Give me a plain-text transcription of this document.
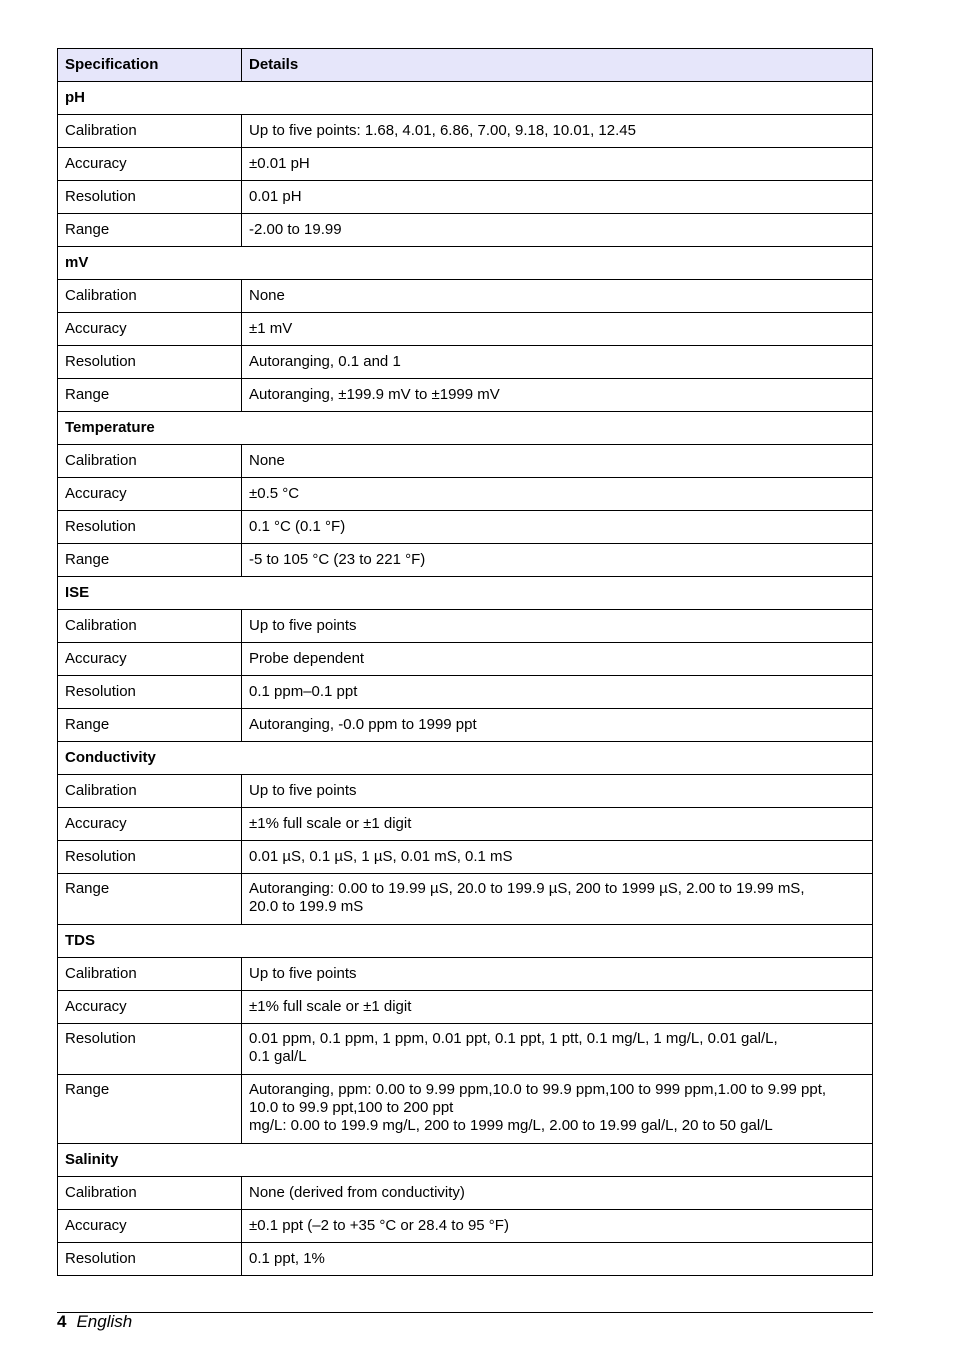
Specification	Details
pH	
Calibration	Up to five points: 1.68, 4.01, 6.86, 7.00, 9.18, 10.01, 12.45
Accuracy	±0.01 pH
Resolution	0.01 pH
Range	-2.00 to 19.99
mV	
Calibration	None
Accuracy	±1 mV
Resolution	Autoranging, 0.1 and 1
Range	Autoranging, ±199.9 mV to ±1999 mV
Temperature	
Calibration	None
Accuracy	±0.5 °C
Resolution	0.1 °C (0.1 °F)
Range	-5 to 105 °C (23 to 221 °F)
ISE	
Calibration	Up to five points
Accuracy	Probe dependent
Resolution	0.1 ppm–0.1 ppt
Range	Autoranging, -0.0 ppm to 1999 ppt
Conductivity	
Calibration	Up to five points
Accuracy	±1% full scale or ±1 digit
Resolution	0.01 µS, 0.1 µS, 1 µS, 0.01 mS, 0.1 mS
Range	Autoranging: 0.00 to 19.99 µS, 20.0 to 199.9 µS, 200 to 1999 µS, 2.00 to 19.99 mS,
20.0 to 199.9 mS

TDS	
Calibration	Up to five points
Accuracy	±1% full scale or ±1 digit
Resolution	0.01 ppm, 0.1 ppm, 1 ppm, 0.01 ppt, 0.1 ppt, 1 ptt, 0.1 mg/L, 1 mg/L, 0.01 gal/L,
0.1 gal/L

Range	Autoranging, ppm: 0.00 to 9.99 ppm,10.0 to 99.9 ppm,100 to 999 ppm,1.00 to 9.99 ppt,
10.0 to 99.9 ppt,100 to 200 ppt
mg/L: 0.00 to 199.9 mg/L, 200 to 1999 mg/L, 2.00 to 19.99 gal/L, 20 to 50 gal/L

Salinity	
Calibration	None (derived from conductivity)
Accuracy	±0.1 ppt (–2 to +35 °C or 28.4 to 95 °F)
Resolution	0.1 ppt, 1%
4 English
